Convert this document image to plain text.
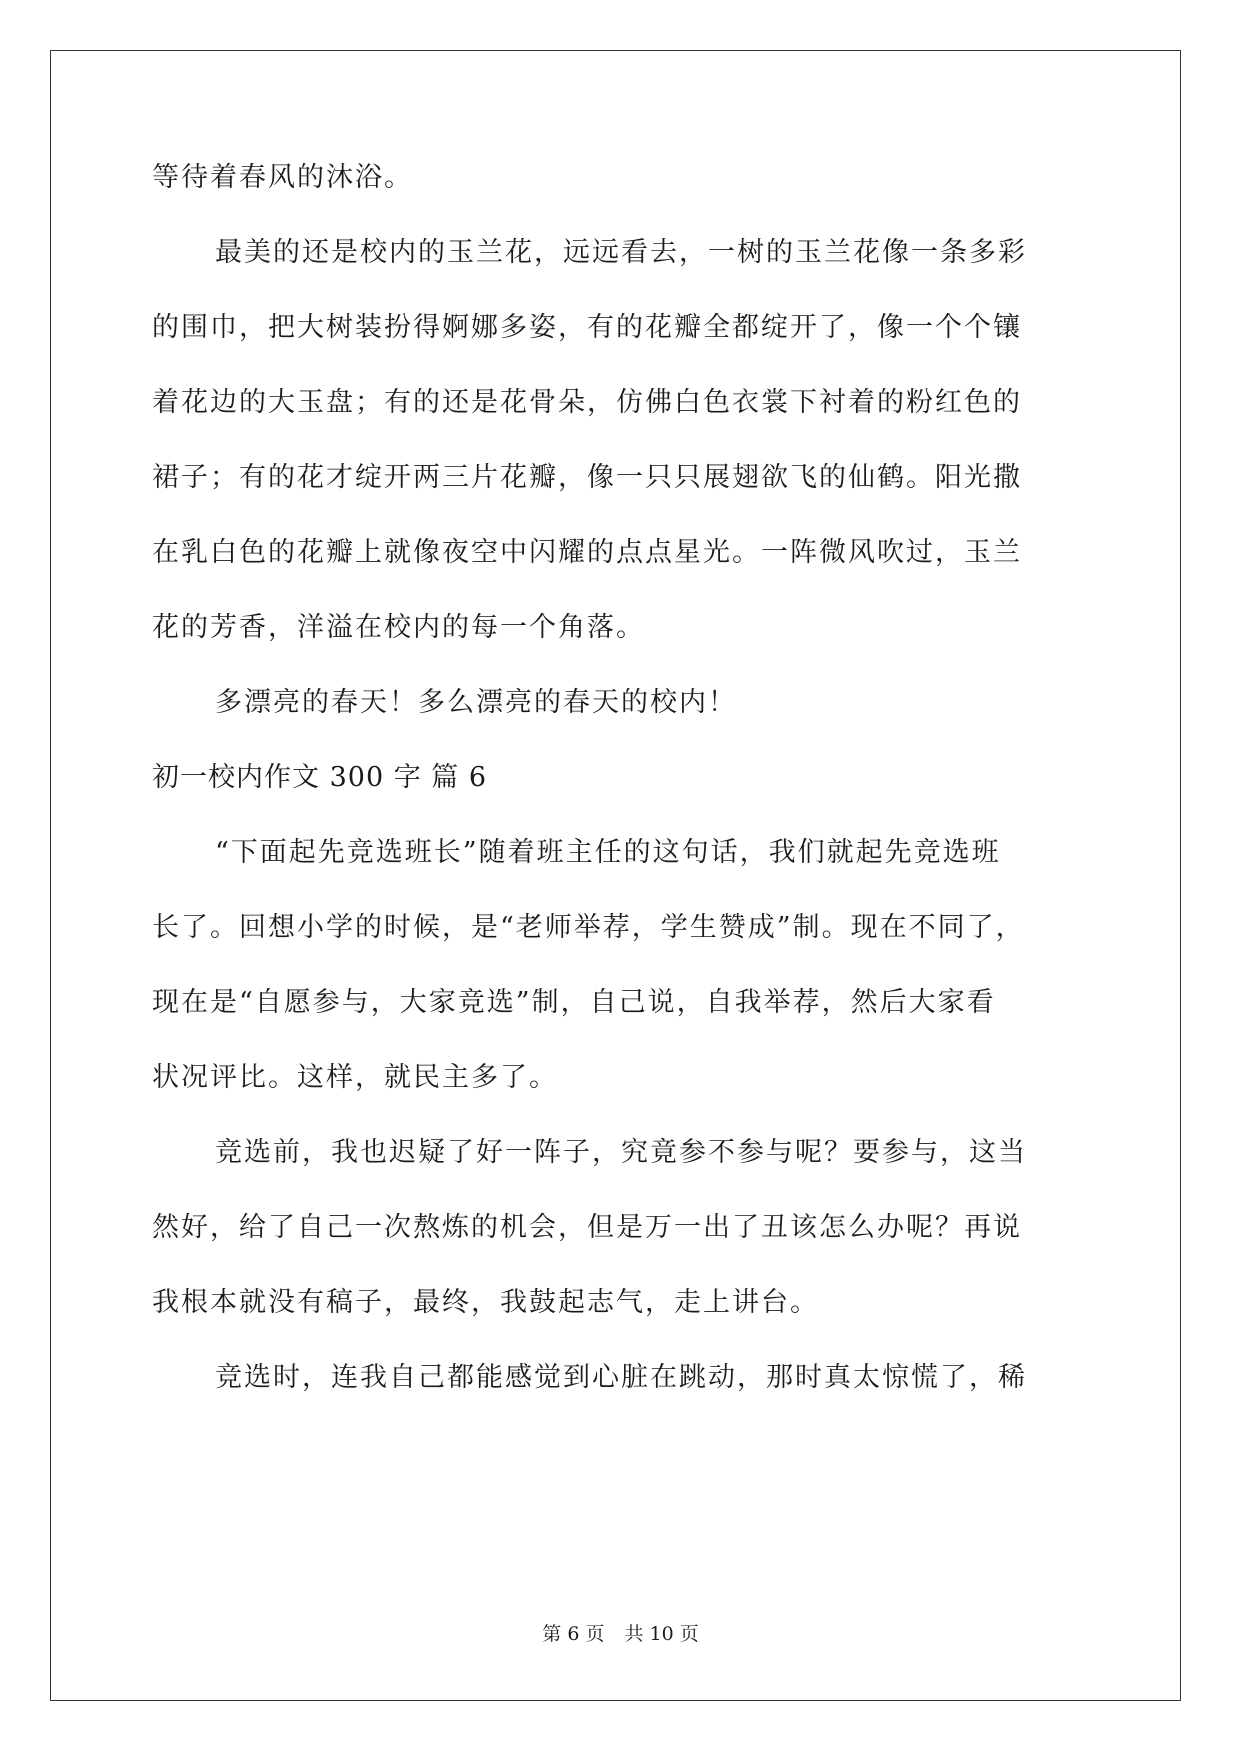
等待着春风的沐浴。
最美的还是校内的玉兰花，远远看去，一树的玉兰花像一条多彩
的围巾，把大树装扮得婀娜多姿，有的花瓣全都绽开了，像一个个镶
着花边的大玉盘；有的还是花骨朵，仿佛白色衣裳下衬着的粉红色的
裙子；有的花才绽开两三片花瓣，像一只只展翅欲飞的仙鹤。阳光撒
在乳白色的花瓣上就像夜空中闪耀的点点星光。一阵微风吹过，玉兰
花的芳香，洋溢在校内的每一个角落。
多漂亮的春天！多么漂亮的春天的校内！
初一校内作文 300 字 篇 6
“下面起先竞选班长”随着班主任的这句话，我们就起先竞选班
长了。回想小学的时候，是“老师举荐，学生赞成”制。现在不同了，
现在是“自愿参与，大家竞选”制，自己说，自我举荐，然后大家看
状况评比。这样，就民主多了。
竞选前，我也迟疑了好一阵子，究竟参不参与呢？要参与，这当
然好，给了自己一次熬炼的机会，但是万一出了丑该怎么办呢？再说
我根本就没有稿子，最终，我鼓起志气，走上讲台。
竞选时，连我自己都能感觉到心脏在跳动，那时真太惊慌了，稀
第 6 页 共 10 页
